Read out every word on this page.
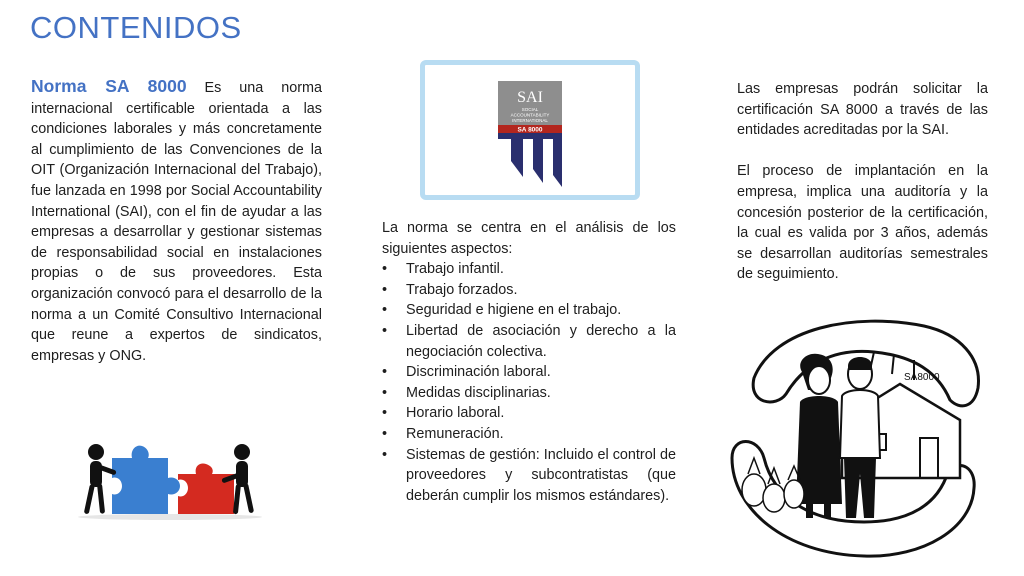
CONTENIDOS

Norma SA 8000 Es una norma internacional certificable orientada a las condiciones laborales y más concretamente al cumplimiento de las Convenciones de la OIT (Organización Internacional del Trabajo), fue lanzada en 1998 por Social Accountability International (SAI), con el fin de ayudar a las empresas a desarrollar y gestionar sistemas de responsabilidad social en instalaciones propias o de sus proveedores. Esta organización convocó para el desarrollo de la norma a un Comité Consultivo Internacional que reune a expertos de sindicatos, empresas y ONG.

SAI
SOCIAL
ACCOUNTABILITY
INTERNATIONAL
SA 8000

La norma se centra en el análisis de los siguientes aspectos:

• Trabajo infantil.
• Trabajo forzados.
• Seguridad e higiene en el trabajo.
• Libertad de asociación y derecho a la negociación colectiva.
• Discriminación laboral.
• Medidas disciplinarias.
• Horario laboral.
• Remuneración.
• Sistemas de gestión: Incluido el control de proveedores y subcontratistas (que deberán cumplir los mismos estándares).

Las empresas podrán solicitar la certificación SA 8000 a través de las entidades acreditadas por la SAI.

El proceso de implantación en la empresa, implica una auditoría y la concesión posterior de la certificación, la cual es valida por 3 años, además se desarrollan auditorías semestrales de seguimiento.

SA8000
